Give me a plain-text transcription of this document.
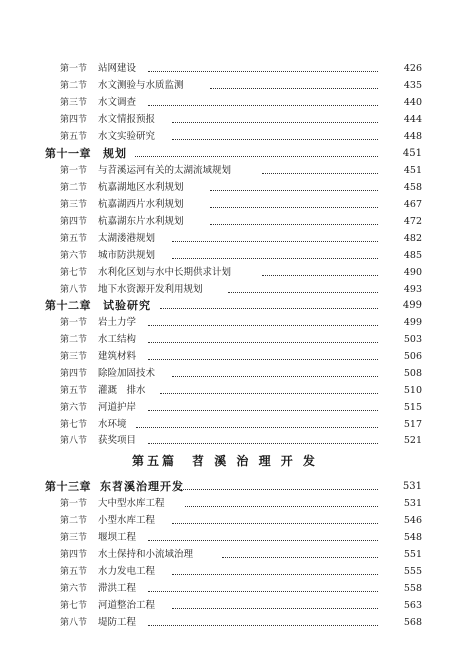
第一节 站网建设	426
第二节 水文测验与水质监测	435
第三节 水文调查	440
第四节 水文情报预报	444
第五节 水文实验研究	448
第十一章 规划	451
第一节 与苕溪运河有关的太湖流域规划	451
第二节 杭嘉湖地区水利规划	458
第三节 杭嘉湖西片水利规划	467
第四节 杭嘉湖东片水利规划	472
第五节 太湖溇港规划	482
第六节 城市防洪规划	485
第七节 水利化区划与水中长期供求计划	490
第八节 地下水资源开发利用规划	493
第十二章 试验研究	499
第一节 岩土力学	499
第二节 水工结构	503
第三节 建筑材料	506
第四节 除险加固技术	508
第五节 灌溉　排水	510
第六节 河道护岸	515
第七节 水环境	517
第八节 获奖项目	521
第五篇　苕 溪 治 理 开 发
第十三章 东苕溪治理开发	531
第一节 大中型水库工程	531
第二节 小型水库工程	546
第三节 堰坝工程	548
第四节 水土保持和小流域治理	551
第五节 水力发电工程	555
第六节 滞洪工程	558
第七节 河道整治工程	563
第八节 堤防工程	568
